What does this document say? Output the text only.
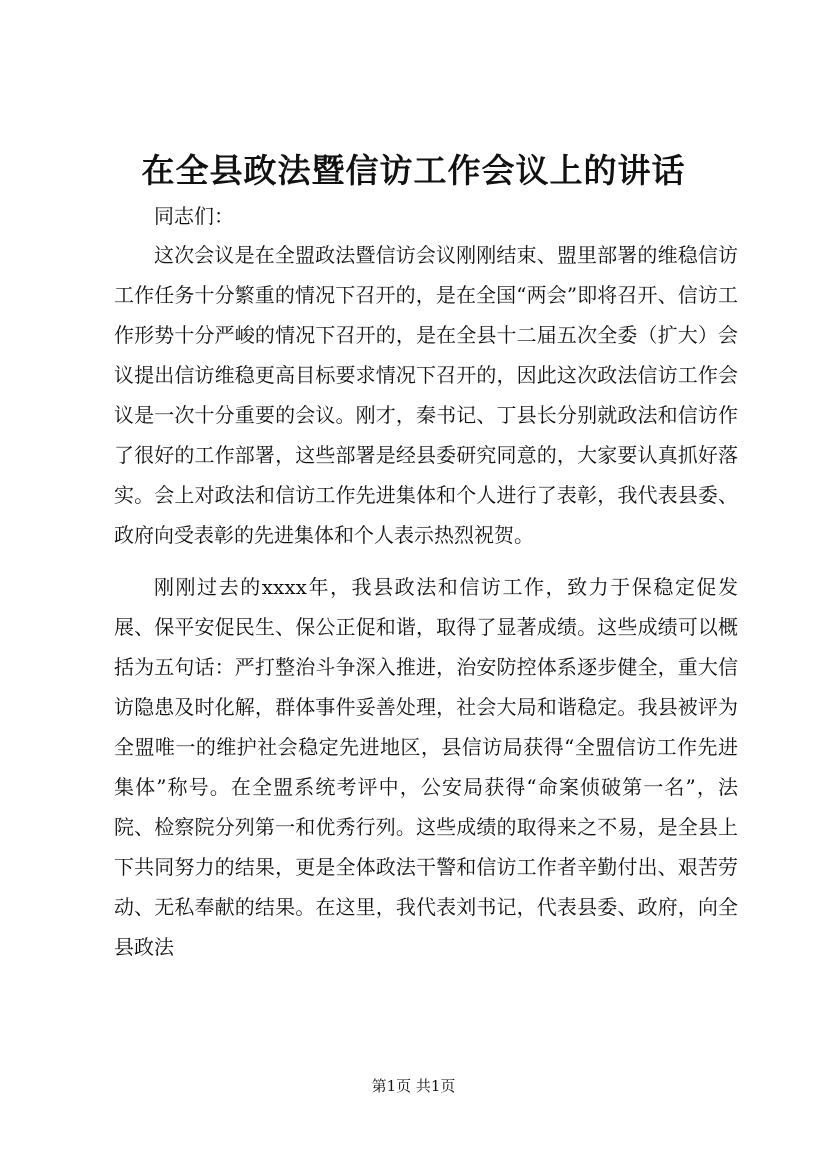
在全县政法暨信访工作会议上的讲话

同志们：

这次会议是在全盟政法暨信访会议刚刚结束、盟里部署的维稳信访工作任务十分繁重的情况下召开的，是在全国“两会”即将召开、信访工作形势十分严峻的情况下召开的，是在全县十二届五次全委（扩大）会议提出信访维稳更高目标要求情况下召开的，因此这次政法信访工作会议是一次十分重要的会议。刚才，秦书记、丁县长分别就政法和信访作了很好的工作部署，这些部署是经县委研究同意的，大家要认真抓好落实。会上对政法和信访工作先进集体和个人进行了表彰，我代表县委、政府向受表彰的先进集体和个人表示热烈祝贺。

刚刚过去的xxxx年，我县政法和信访工作，致力于保稳定促发展、保平安促民生、保公正促和谐，取得了显著成绩。这些成绩可以概括为五句话：严打整治斗争深入推进，治安防控体系逐步健全，重大信访隐患及时化解，群体事件妥善处理，社会大局和谐稳定。我县被评为全盟唯一的维护社会稳定先进地区，县信访局获得“全盟信访工作先进集体”称号。在全盟系统考评中，公安局获得“命案侦破第一名”，法院、检察院分列第一和优秀行列。这些成绩的取得来之不易，是全县上下共同努力的结果，更是全体政法干警和信访工作者辛勤付出、艰苦劳动、无私奉献的结果。在这里，我代表刘书记，代表县委、政府，向全县政法

第1页 共1页
